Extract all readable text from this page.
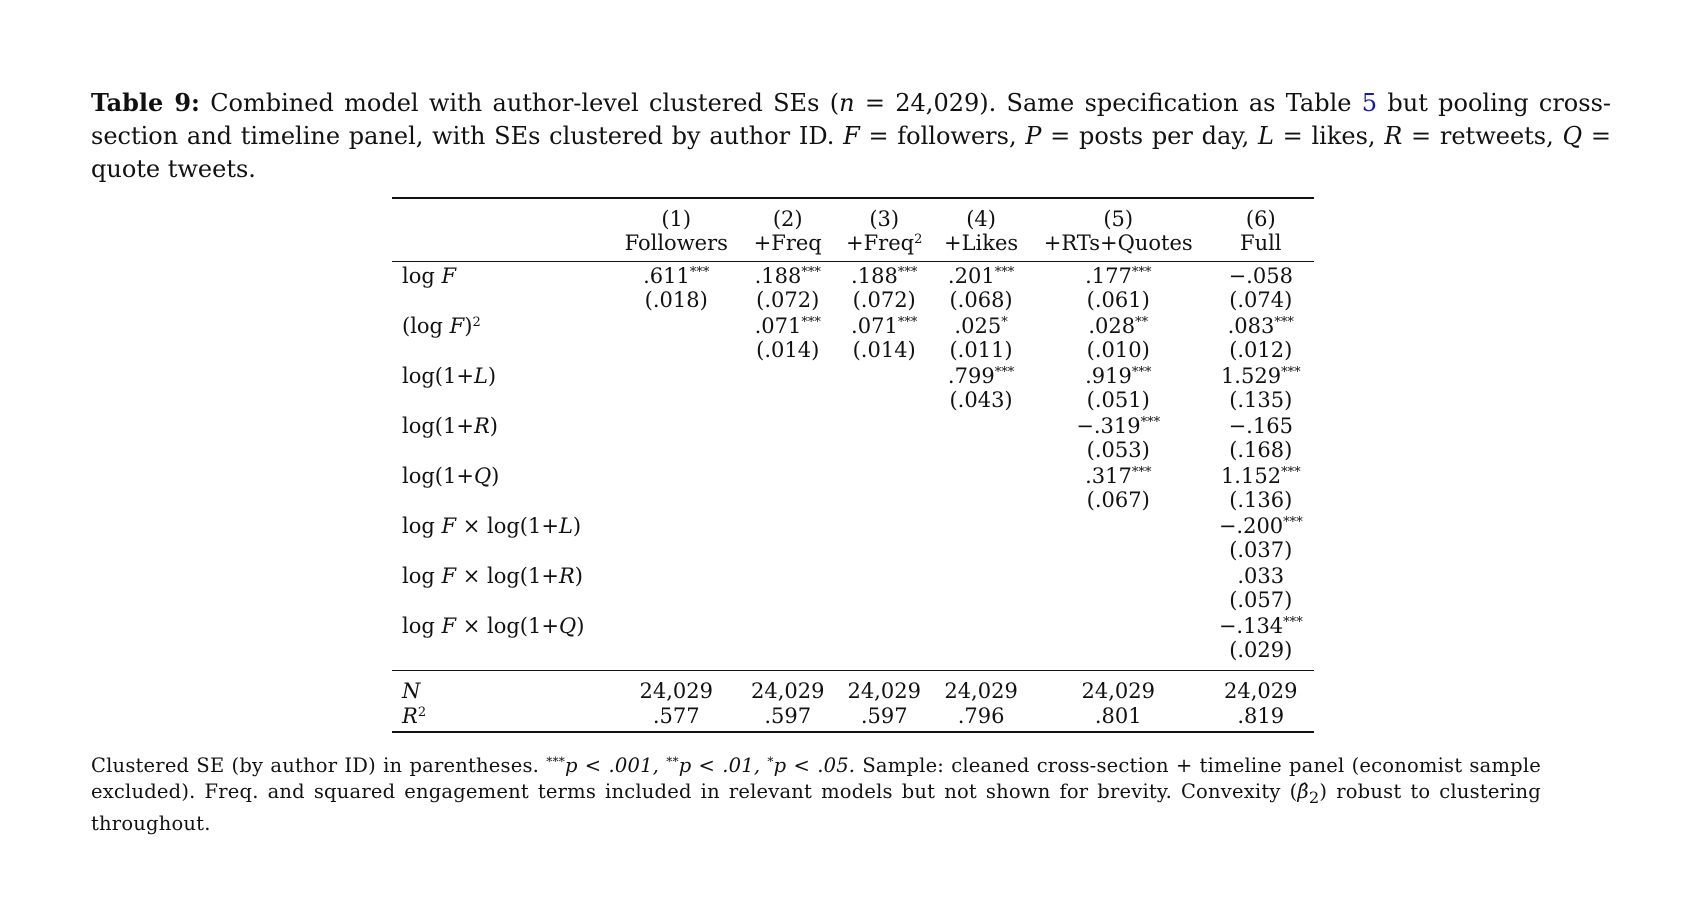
Table 9: Combined model with author-level clustered SEs (n = 24,029). Same specification as Table 5 but pooling cross-section and timeline panel, with SEs clustered by author ID. F = followers, P = posts per day, L = likes, R = retweets, Q = quote tweets.
	(1)	(2)	(3)	(4)	(5)	(6)
	Followers	+Freq	+Freq$^2$	+Likes	+RTs+Quotes	Full

log F	.611***	.188***	.188***	.201***	.177***	−.058
	(.018)	(.072)	(.072)	(.068)	(.061)	(.074)
(log F)$^2$		.071***	.071***	.025*	.028**	.083***
		(.014)	(.014)	(.011)	(.010)	(.012)
log(1+L)				.799***	.919***	1.529***
				(.043)	(.051)	(.135)
log(1+R)					−.319***	−.165
					(.053)	(.168)
log(1+Q)					.317***	1.152***
					(.067)	(.136)
log F × log(1+L)						−.200***
						(.037)
log F × log(1+R)						.033
						(.057)
log F × log(1+Q)						−.134***
						(.029)

N	24,029	24,029	24,029	24,029	24,029	24,029
$R^2$	.577	.597	.597	.796	.801	.819

Clustered SE (by author ID) in parentheses. ***p < .001, **p < .01, *p < .05. Sample: cleaned cross-section + timeline panel (economist sample excluded). Freq. and squared engagement terms included in relevant models but not shown for brevity. Convexity $(\betâ_2)$ robust to clustering throughout.
